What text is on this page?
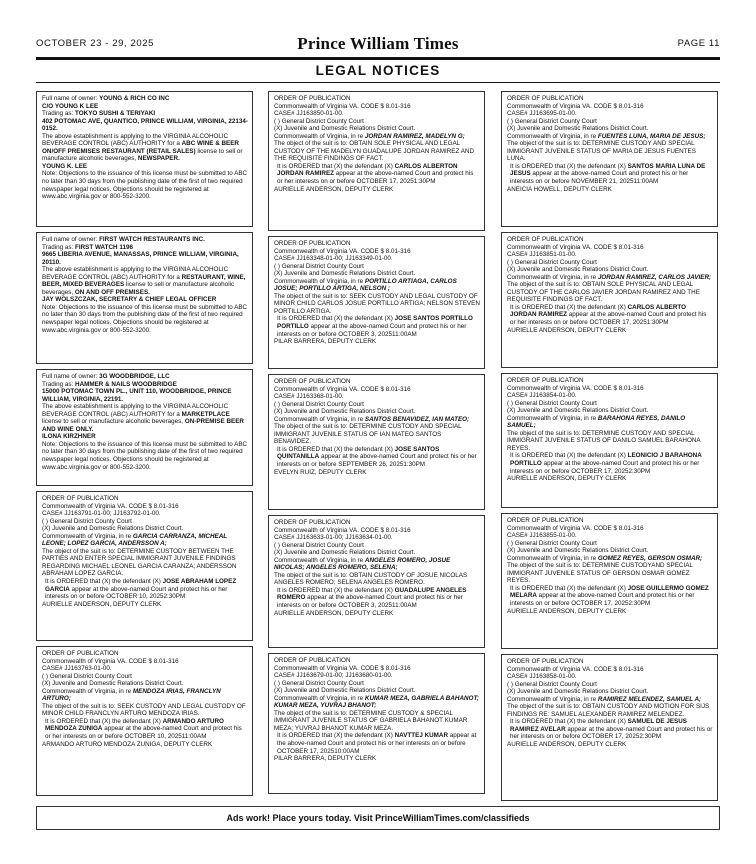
OCTOBER 23 - 29, 2025	Prince William Times	PAGE 11
LEGAL NOTICES

Full name of owner: YOUNG & RICH CO INC

C/O YOUNG K LEE

Trading as: TOKYO SUSHI & TERIYAKI

402 POTOMAC AVE, QUANTICO, PRINCE WILLIAM, VIRGINIA, 22134-0152.

The above establishment is applying to the VIRGINIA ALCOHOLIC BEVERAGE CONTROL (ABC) AUTHORITY for a ABC WINE & BEER ON/OFF PREMISES RESTAURANT (RETAIL SALES) license to sell or manufacture alcoholic beverages, NEWSPAPER.

YOUNG K. LEE

Note: Objections to the issuance of this license must be submitted to ABC no later than 30 days from the publishing date of the first of two required newspaper legal notices. Objections should be registered at www.abc.virginia.gov or 800-552-3200.

Full name of owner: FIRST WATCH RESTAURANTS INC.

Trading as: FIRST WATCH 1196

9665 LIBERIA AVENUE, MANASSAS, PRINCE WILLIAM, VIRGINIA, 20110.

The above establishment is applying to the VIRGINIA ALCOHOLIC BEVERAGE CONTROL (ABC) AUTHORITY for a RESTAURANT, WINE, BEER, MIXED BEVERAGES license to sell or manufacture alcoholic beverages, ON AND OFF PREMISES.

JAY WOLSZCZAK, SECRETARY & CHIEF LEGAL OFFICER

Note: Objections to the issuance of this license must be submitted to ABC no later than 30 days from the publishing date of the first of two required newspaper legal notices. Objections should be registered at www.abc.virginia.gov or 800-552-3200.

Full name of owner: 3G WOODBRIDGE, LLC

Trading as: HAMMER & NAILS WOODBRIDGE

15000 POTOMAC TOWN PL., UNIT 110, WOODBRIDGE, PRINCE WILLIAM, VIRGINIA, 22191.

The above establishment is applying to the VIRGINIA ALCOHOLIC BEVERAGE CONTROL (ABC) AUTHORITY for a MARKETPLACE license to sell or manufacture alcoholic beverages, ON-PREMISE BEER AND WINE ONLY.

ILONA KIRZHNER

Note: Objections to the issuance of this license must be submitted to ABC no later than 30 days from the publishing date of the first of two required newspaper legal notices. Objections should be registered at www.abc.virginia.gov or 800-552-3200.

ORDER OF PUBLICATION

Commonwealth of Virginia VA. CODE $ 8.01-316

CASE# JJ163791-01-00; JJ163792-01-00.

( ) General District County Court

(X) Juvenile and Domestic Relations District Court.

Commonwealth of Virginia, in re GARCIA CARRANZA, MICHEAL LEONE; LOPEZ GARCIA, ANDERSSON A;

The object of the suit is to: DETERMINE CUSTODY BETWEEN THE PARTIES AND ENTER SPECIAL IMMIGRANT JUVENILE FINDINGS REGARDING MICHAEL LEONEL GARCIA CARANZA; ANDERSSON ABRAHAM LOPEZ GARCIA.

It is ORDERED that (X) the defendant (X) JOSE ABRAHAM LOPEZ GARCIA appear at the above-named Court and protect his or her interests on or before OCTOBER 10, 20252:30PM

AURIELLE ANDERSON, DEPUTY CLERK

ORDER OF PUBLICATION

Commonwealth of Virginia VA. CODE $ 8.01-316

CASE# JJ163763-01-00.

( ) General District County Court

(X) Juvenile and Domestic Relations District Court.

Commonwealth of Virginia, in re MENDOZA IRIAS, FRANCLYN ARTURO;

The object of the suit is to: SEEK CUSTODY AND LEGAL CUSTODY OF MINOR CHILD FRANCLYN ARTURO MENDOZA IRIAS.

It is ORDERED that (X) the defendant (X) ARMANDO ARTURO MENDOZA ZUNIGA appear at the above-named Court and protect his or her interests on or before OCTOBER 10, 202511:00AM

ARMANDO ARTURO MENDOZA ZUNIGA, DEPUTY CLERK

ORDER OF PUBLICATION

Commonwealth of Virginia VA. CODE $ 8.01-316

CASE# JJ163850-01-00.

( ) General District County Court

(X) Juvenile and Domestic Relations District Court.

Commonwealth of Virginia, in re JORDAN RAMIREZ, MADELYN G;

The object of the suit is to: OBTAIN SOLE PHYSICAL AND LEGAL CUSTODY OF THE MADELYN GUADALUPE JORDAN RAMIREZ AND THE REQUISITE FINDINGS OF FACT.

It is ORDERED that (X) the defendant (X) CARLOS ALBERTON JORDAN RAMIREZ appear at the above-named Court and protect his or her interests on or before OCTOBER 17, 20251:30PM

AURIELLE ANDERSON, DEPUTY CLERK

ORDER OF PUBLICATION

Commonwealth of Virginia VA. CODE $ 8.01-316

CASE# JJ163348-01-00; JJ163349-01-00.

( ) General District County Court

(X) Juvenile and Domestic Relations District Court.

Commonwealth of Virginia, in re PORTILLO ARTIAGA, CARLOS JOSUE; PORTILLO ARTIGA, NELSON ;

The object of the suit is to: SEEK CUSTODY AND LEGAL CUSTODY OF MINOR CHILD CARLOS JOSUE PORTILLO ARTIGA; NELSON STEVEN PORTILLO ARTIGA.

It is ORDERED that (X) the defendant (X) JOSE SANTOS PORTILLO PORTILLO appear at the above-named Court and protect his or her interests on or before OCTOBER 3, 202511:00AM

PILAR BARRERA, DEPUTY CLERK

ORDER OF PUBLICATION

Commonwealth of Virginia VA. CODE $ 8.01-316

CASE# JJ163368-01-00.

( ) General District County Court

(X) Juvenile and Domestic Relations District Court.

Commonwealth of Virginia, in re SANTOS BENAVIDEZ, IAN MATEO;

The object of the suit is to: DETERMINE CUSTODY AND SPECIAL IMMIGRANT JUVENILE STATUS OF IAN MATEO SANTOS BENAVIDEZ.

It is ORDERED that (X) the defendant (X) JOSE SANTOS QUINTANILLA appear at the above-named Court and protect his or her interests on or before SEPTEMBER 26, 20251:30PM

EVELYN RUIZ, DEPUTY CLERK

ORDER OF PUBLICATION

Commonwealth of Virginia VA. CODE $ 8.01-316

CASE# JJ163633-01-00; JJ163634-01-00.

( ) General District County Court

(X) Juvenile and Domestic Relations District Court.

Commonwealth of Virginia, in re ANGELES ROMERO, JOSUE NICOLAS; ANGELES ROMERO, SELENA;

The object of the suit is to: OBTAIN CUSTODY OF JOSUE NICOLAS ANGELES ROMERO; SELENA ANGELES ROMERO.

It is ORDERED that (X) the defendant (X) GUADALUPE ANGELES ROMERO appear at the above-named Court and protect his or her interests on or before OCTOBER 3, 202511:00AM

AURIELLE ANDERSON, DEPUTY CLERK

ORDER OF PUBLICATION

Commonwealth of Virginia VA. CODE $ 8.01-316

CASE# JJ163679-01-00; JJ163680-01-00.

( ) General District County Court

(X) Juvenile and Domestic Relations District Court.

Commonwealth of Virginia, in re KUMAR MEZA, GABRIELA BAHANOT; KUMAR MEZA, YUVRAJ BHANOT;

The object of the suit is to: DETERMINE CUSTODY & SPECIAL IMMIGRANT JUVENILE STATUS OF GABRIELA BAHANOT KUMAR MEZA; YUVRAJ BHANOT KUMAR MEZA.

It is ORDERED that (X) the defendant (X) NAVTTEJ KUMAR appear at the above-named Court and protect his or her interests on or before OCTOBER 17, 202510:00AM

PILAR BARRERA, DEPUTY CLERK

ORDER OF PUBLICATION

Commonwealth of Virginia VA. CODE $ 8.01-316

CASE# JJ163695-01-00.

( ) General District County Court

(X) Juvenile and Domestic Relations District Court.

Commonwealth of Virginia, in re FUENTES LUNA, MARIA DE JESUS;

The object of the suit is to: DETERMINE CUSTODY AND SPECIAL IMMIGRANT JUVENILE STATUS OF MARIA DE JESUS FUENTES LUNA.

It is ORDERED that (X) the defendant (X) SANTOS MARIA LUNA DE JESUS appear at the above-named Court and protect his or her interests on or before NOVEMBER 21, 202511:00AM

ANEICIA HOWELL, DEPUTY CLERK

ORDER OF PUBLICATION

Commonwealth of Virginia VA. CODE $ 8.01-316

CASE# JJ163851-01-00.

( ) General District County Court

(X) Juvenile and Domestic Relations District Court.

Commonwealth of Virginia, in re JORDAN RAMIREZ, CARLOS JAVIER;

The object of the suit is to: OBTAIN SOLE PHYSICAL AND LEGAL CUSTODY OF THE CARLOS JAVIER JORDAN RAMIREZ AND THE REQUISITE FINDINGS OF FACT.

It is ORDERED that (X) the defendant (X) CARLOS ALBERTO JORDAN RAMIREZ appear at the above-named Court and protect his or her interests on or before OCTOBER 17, 20251:30PM

AURIELLE ANDERSON, DEPUTY CLERK

ORDER OF PUBLICATION

Commonwealth of Virginia VA. CODE $ 8.01-316

CASE# JJ163854-01-00.

( ) General District County Court

(X) Juvenile and Domestic Relations District Court.

Commonwealth of Virginia, in re BARAHONA REYES, DANILO SAMUEL;

The object of the suit is to: DETERMINE CUSTODY AND SPECIAL IMMIGRANT JUVENILE STATUS OF DANILO SAMUEL BARAHONA REYES.

It is ORDERED that (X) the defendant (X) LEONICIO J BARAHONA PORTILLO appear at the above-named Court and protect his or her interests on or before OCTOBER 17, 20252:30PM

AURIELLE ANDERSON, DEPUTY CLERK

ORDER OF PUBLICATION

Commonwealth of Virginia VA. CODE $ 8.01-316

CASE# JJ163855-01-00.

( ) General District County Court

(X) Juvenile and Domestic Relations District Court.

Commonwealth of Virginia, in re GOMEZ REYES, GERSON OSMAR;

The object of the suit is to: DETERMINE CUSTODYAND SPECIAL IMMIGRANT JUVENILE STATUS OF GERSON OSMAR GOMEZ REYES.

It is ORDERED that (X) the defendant (X) JOSE GUILLERMO GOMEZ MELARA appear at the above-named Court and protect his or her interests on or before OCTOBER 17, 20252:30PM

AURIELLE ANDERSON, DEPUTY CLERK

ORDER OF PUBLICATION

Commonwealth of Virginia VA. CODE $ 8.01-316

CASE# JJ163858-01-00.

( ) General District County Court

(X) Juvenile and Domestic Relations District Court.

Commonwealth of Virginia, in re RAMIREZ MELENDEZ, SAMUEL A;

The object of the suit is to: OBTAIN CUSTODY AND MOTION FOR SIJS FINDINGS RE: SAMUEL ALEXANDER RAMIREZ MELENDEZ.

It is ORDERED that (X) the defendant (X) SAMUEL DE JESUS RAMIREZ AVELAR appear at the above-named Court and protect his or her interests on or before OCTOBER 17, 20252:30PM

AURIELLE ANDERSON, DEPUTY CLERK

Ads work! Place yours today. Visit PrinceWilliamTimes.com/classifieds
